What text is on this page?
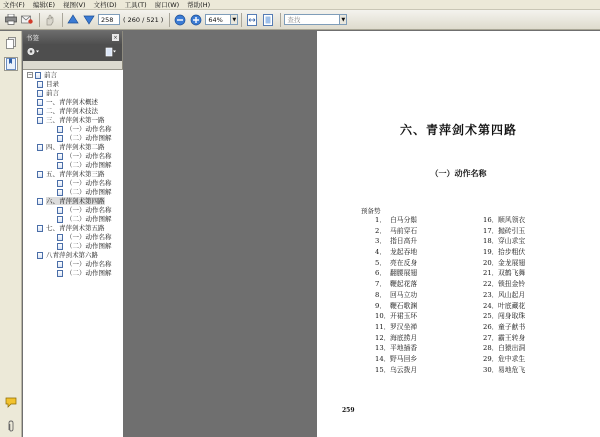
文件(F) 编辑(E) 视图(V) 文档(D) 工具(T) 窗口(W) 帮助(H)
258	( 260 / 521 )	64%	▼	查找	▼
书签	×
− 前言
目录
前言
一、青萍剑术概述
二、青萍剑术技法
三、青萍剑术第一路
（一）动作名称
（二）动作图解
四、青萍剑术第二路
（一）动作名称
（二）动作图解
五、青萍剑术第三路
（一）动作名称
（二）动作图解
六、青萍剑术第四路
（一）动作名称
（二）动作图解
七、青萍剑术第五路
（一）动作名称
（二）动作图解
八青萍剑术第六路
（一）动作名称
（二）动作图解
六、青萍剑术第四路
（一）动作名称
预备势
1． 白马分鬃
2． 马前穿石
3． 指日高升
4． 龙起吞地
5． 亮在反身
6． 翻腰展翅
7． 鞭起花落
8． 回马立功
9． 鞭石歌渊
10．开裙玉环
11．罗汉坐禅
12．海底捞月
13．平地插香
14．野马回乡
15．乌云拨月
16．顺风领衣
17．抛砖引玉
18．穿山求宝
19．拾步粗伏
20．金龙展翅
21．双鹤飞舞
22．锁扭金铃
23．风山起月
24．叶底藏花
25．闯身取珠
26．童子献书
27．霸王转身
28．白猿出洞
29．危中求生
30．易地危飞
259
